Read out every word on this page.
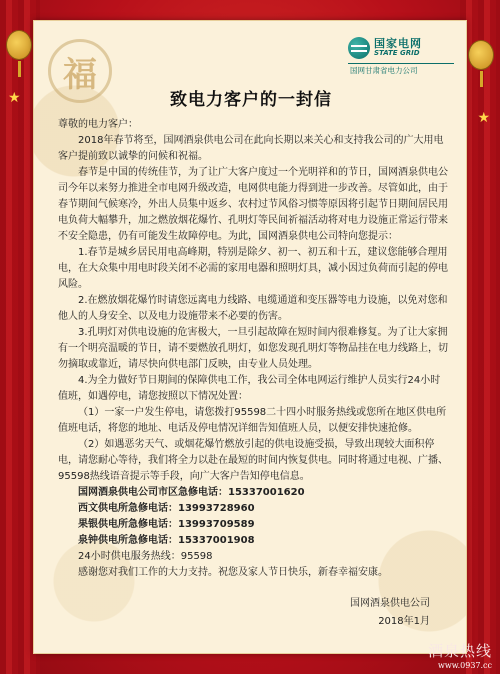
★
★
福
国家电网
STATE GRID
国网甘肃省电力公司
致电力客户的一封信

尊敬的电力客户：

2018年春节将至，国网酒泉供电公司在此向长期以来关心和支持我公司的广大用电客户提前致以诚挚的问候和祝福。

春节是中国的传统佳节，为了让广大客户度过一个光明祥和的节日，国网酒泉供电公司今年以来努力推进全市电网升级改造，电网供电能力得到进一步改善。尽管如此，由于春节期间气候寒冷，外出人员集中返乡、农村过节风俗习惯等原因将引起节日期间居民用电负荷大幅攀升，加之燃放烟花爆竹、孔明灯等民间祈福活动将对电力设施正常运行带来不安全隐患，仍有可能发生故障停电。为此，国网酒泉供电公司特向您提示：

1.春节是城乡居民用电高峰期，特别是除夕、初一、初五和十五，建议您能够合理用电，在大众集中用电时段关闭不必需的家用电器和照明灯具，减小因过负荷而引起的停电风险。

2.在燃放烟花爆竹时请您远离电力线路、电缆通道和变压器等电力设施，以免对您和他人的人身安全、以及电力设施带来不必要的伤害。

3.孔明灯对供电设施的危害极大，一旦引起故障在短时间内很难修复。为了让大家拥有一个明亮温暖的节日，请不要燃放孔明灯，如您发现孔明灯等物品挂在电力线路上，切勿摘取或靠近，请尽快向供电部门反映，由专业人员处理。

4.为全力做好节日期间的保障供电工作，我公司全体电网运行维护人员实行24小时值班，如遇停电，请您按照以下情况处置：

（1）一家一户发生停电，请您拨打95598二十四小时服务热线或您所在地区供电所值班电话，将您的地址、电话及停电情况详细告知值班人员，以便安排快速抢修。

（2）如遇恶劣天气、或烟花爆竹燃放引起的供电设施受损，导致出现较大面积停电，请您耐心等待，我们将全力以赴在最短的时间内恢复供电。同时将通过电视、广播、95598热线语音提示等手段，向广大客户告知停电信息。

国网酒泉供电公司市区急修电话：15337001620

西文供电所急修电话：13993728960

果银供电所急修电话：13993709589

泉钟供电所急修电话：15337001908

24小时供电服务热线：95598

感谢您对我们工作的大力支持。祝您及家人节日快乐，新春幸福安康。

国网酒泉供电公司
2018年1月
酒泉热线
www.0937.cc
